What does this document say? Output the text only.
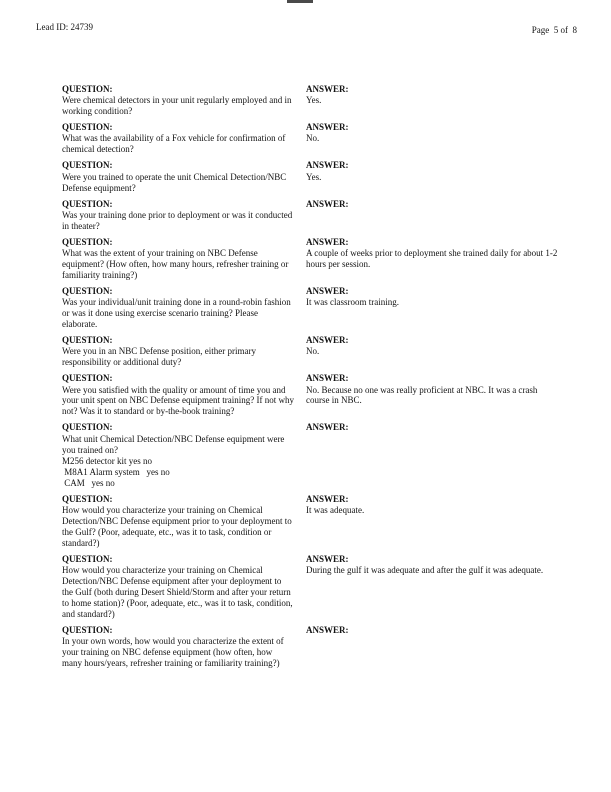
Lead ID: 24739	Page  5 of  8
QUESTION:
Were chemical detectors in your unit regularly employed and in working condition?
ANSWER:
Yes.
QUESTION:
What was the availability of a Fox vehicle for confirmation of chemical detection?
ANSWER:
No.
QUESTION:
Were you trained to operate the unit Chemical Detection/NBC Defense equipment?
ANSWER:
Yes.
QUESTION:
Was your training done prior to deployment or was it conducted in theater?
ANSWER:
QUESTION:
What was the extent of your training on NBC Defense equipment? (How often, how many hours, refresher training or familiarity training?)
ANSWER:
A couple of weeks prior to deployment she trained daily for about 1-2 hours per session.
QUESTION:
Was your individual/unit training done in a round-robin fashion or was it done using exercise scenario training? Please elaborate.
ANSWER:
It was classroom training.
QUESTION:
Were you in an NBC Defense position, either primary responsibility or additional duty?
ANSWER:
No.
QUESTION:
Were you satisfied with the quality or amount of time you and your unit spent on NBC Defense equipment training? If not why not? Was it to standard or by-the-book training?
ANSWER:
No. Because no one was really proficient at NBC. It was a crash course in NBC.
QUESTION:
What unit Chemical Detection/NBC Defense equipment were you trained on?
M256 detector kit yes no
M8A1 Alarm system   yes no
CAM   yes no
ANSWER:
QUESTION:
How would you characterize your training on Chemical Detection/NBC Defense equipment prior to your deployment to the Gulf? (Poor, adequate, etc., was it to task, condition or standard?)
ANSWER:
It was adequate.
QUESTION:
How would you characterize your training on Chemical Detection/NBC Defense equipment after your deployment to the Gulf (both during Desert Shield/Storm and after your return to home station)? (Poor, adequate, etc., was it to task, condition, and standard?)
ANSWER:
During the gulf it was adequate and after the gulf it was adequate.
QUESTION:
In your own words, how would you characterize the extent of your training on NBC defense equipment (how often, how many hours/years, refresher training or familiarity training?)
ANSWER:
